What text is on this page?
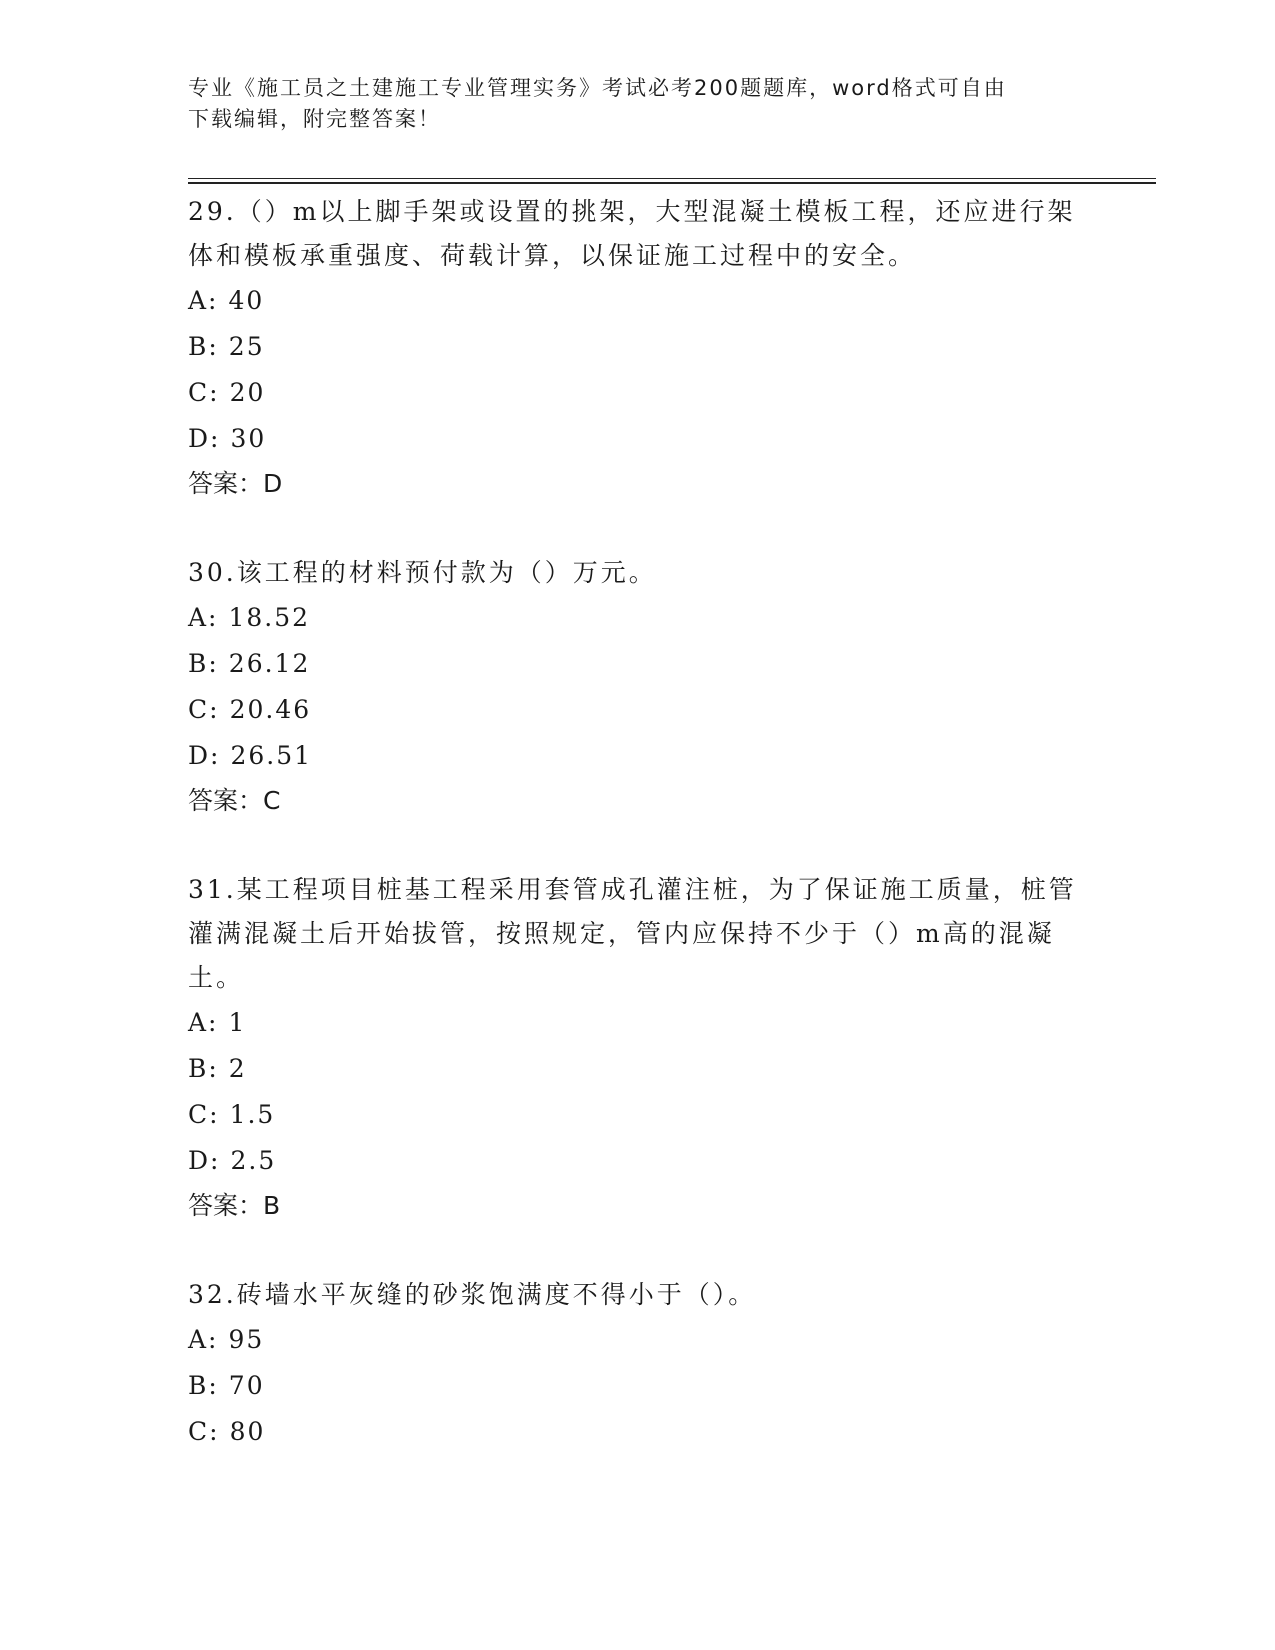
专业《施工员之土建施工专业管理实务》考试必考200题题库，word格式可自由
下载编辑，附完整答案！

29.（）m以上脚手架或设置的挑架，大型混凝土模板工程，还应进行架体和模板承重强度、荷载计算，以保证施工过程中的安全。

A: 40

B: 25

C: 20

D: 30

答案：D

30.该工程的材料预付款为（）万元。

A: 18.52

B: 26.12

C: 20.46

D: 26.51

答案：C

31.某工程项目桩基工程采用套管成孔灌注桩，为了保证施工质量，桩管灌满混凝土后开始拔管，按照规定，管内应保持不少于（）m高的混凝土。

A: 1

B: 2

C: 1.5

D: 2.5

答案：B

32.砖墙水平灰缝的砂浆饱满度不得小于（）。

A: 95

B: 70

C: 80
